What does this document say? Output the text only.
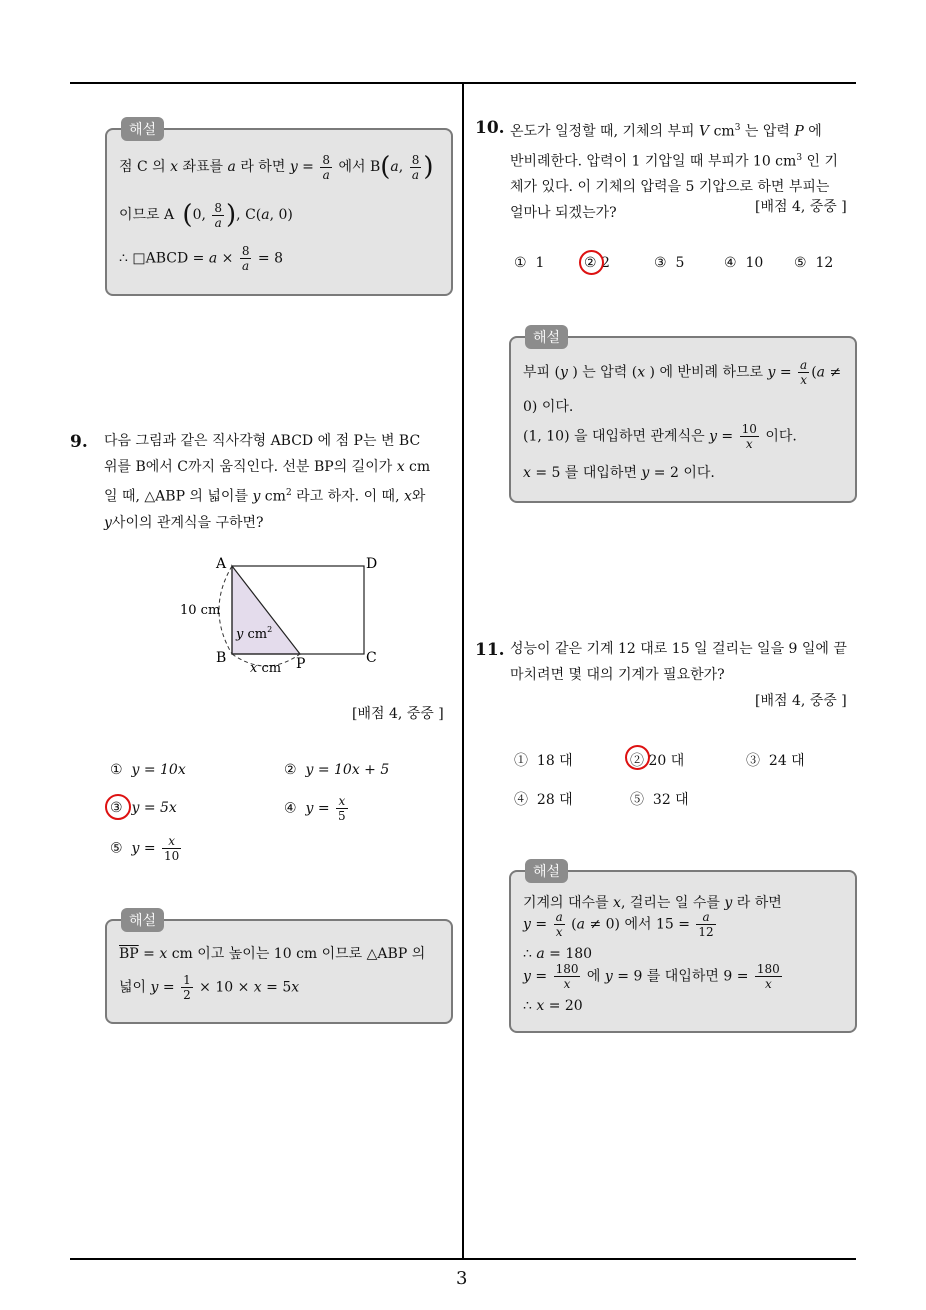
해설
점 C 의 x 좌표를 a 라 하면 $y = \frac{8}{a}$ 에서 B(a, $\frac{8}{a}$ )
이므로 A (0, $\frac{8}{a}$ ), C(a, 0)
∴ □ABCD = $a \times \frac{8}{a} = 8$
9. 다음 그림과 같은 직사각형 ABCD 에 점 P는 변 BC
위를 B에서 C까지 움직인다. 선분 BP의 길이가 x cm
일 때, △ABP 의 넓이를 y $cm^2$ 라고 하자. 이 때, x와
y사이의 관계식을 구하면?
A	D
B	C
P
10 cm
y $cm^2$
x cm
[배점 4, 중중 ]
① y = 10x	② y = 10x + 5
③ y = 5x	④ $y = \frac{x}{5}$
⑤ $y = \frac{x}{10}$
해설
$\overline{BP} = x$ cm 이고 높이는 10 cm 이므로 △ABP 의
넓이 $y = \frac{1}{2} \times 10 \times x = 5x$
10. 온도가 일정할 때, 기체의 부피 V $cm^3$ 는 압력 P 에
반비례한다. 압력이 1 기압일 때 부피가 10 $cm^3$ 인 기
체가 있다. 이 기체의 압력을 5 기압으로 하면 부피는
얼마나 되겠는가?	[배점 4, 중중 ]
① 1	② 2	③ 5	④ 10 ⑤ 12
해설
부피 (y ) 는 압력 (x ) 에 반비례 하므로 $y = \frac{a}{x} (a$ ≠
0) 이다.
(1, 10) 을 대입하면 관계식은 $y = \frac{10}{x}$ 이다.
x = 5 를 대입하면 y = 2 이다.
11. 성능이 같은 기계 12 대로 15 일 걸리는 일을 9 일에 끝
마치려면 몇 대의 기계가 필요한가?
[배점 4, 중중 ]
① 18 대	② 20 대	③ 24 대
④ 28 대	⑤ 32 대
해설
기계의 대수를 x, 걸리는 일 수를 y 라 하면
$y = \frac{a}{x} (a \ne 0)$ 에서 $15 = \frac{a}{12}$
∴ a = 180
$y = \frac{180}{x}$ 에 y = 9 를 대입하면 $9 = \frac{180}{x}$
∴ x = 20
3
